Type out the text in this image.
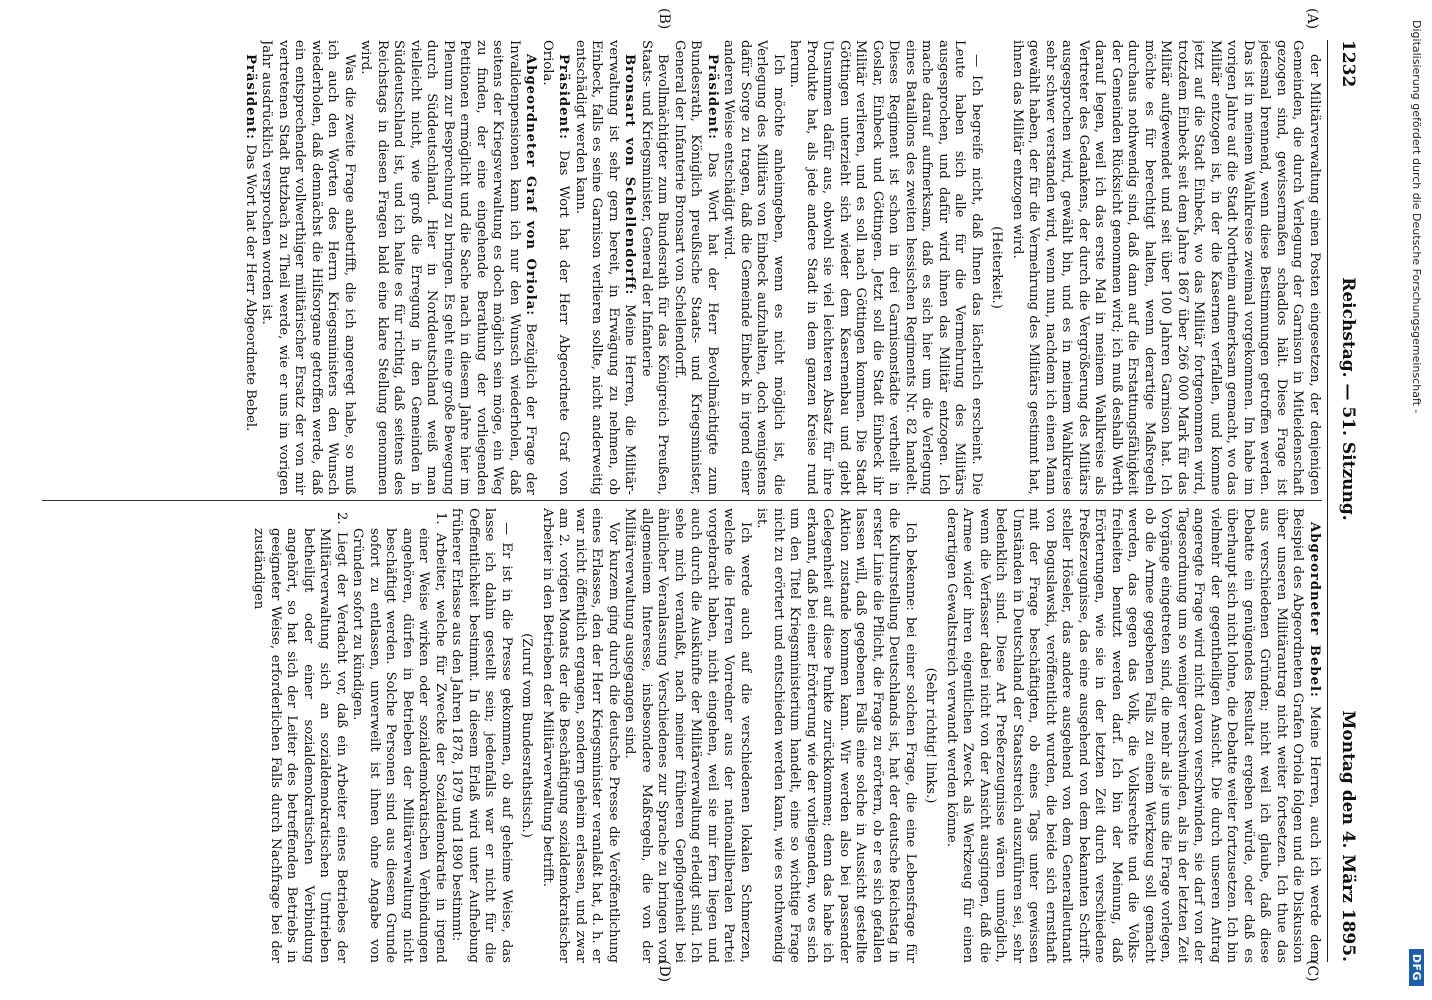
Digitalisierung gefördert durch die Deutsche Forschungsgemeinschaft -
DFG
1232
Reichstag. — 51. Sitzung.
Montag den 4. März 1895.
(A)
(B)
(C)
(D)

der Militärverwaltung einen Posten eingesetzen, der denjenigen Gemeinden, die durch Verlegung der Garnison in Mitleidenschaft gezogen sind, gewissermaßen schadlos hält. Diese Frage ist jedesmal brennend, wenn diese Bestimmungen getroffen werden. Das ist in meinem Wahlkreise zweimal vorgekommen. Im habe im vorigen Jahre auf die Stadt Northeim aufmerksam gemacht, wo das Militär entzogen ist, in der die Kasernen verfallen, und komme jetzt auf die Stadt Einbeck, wo das Militär fortgenommen wird, trotzdem Einbeck seit dem Jahre 1867 über 266 000 Mark für das Militär aufgewendet und seit über 100 Jahren Garnison hat. Ich möchte es für berechtigt halten, wenn derartige Maßregeln durchaus nothwendig sind, daß dann auf die Erstattungsfähigkeit der Gemeinden Rücksicht genommen wird; ich muß deshalb Werth darauf legen, weil ich das erste Mal in meinem Wahlkreise als Vertreter des Gedankens, der durch die Vergrößerung des Militärs ausgesprochen wird, gewählt bin, und es in meinem Wahlkreise sehr schwer verstanden wird, wenn nun, nachdem ich einen Mann gewählt haben, der für die Vermehrung des Militärs gestimmt hat, ihnen das Militär entzogen wird.

(Heiterkeit.)

— Ich begreife nicht, daß Ihnen das lächerlich erscheint. Die Leute haben sich alle für die Vermehrung des Militärs ausgesprochen, und dafür wird ihnen das Militär entzogen. Ich mache darauf aufmerksam, daß es sich hier um die Verlegung eines Bataillons des zweiten hessischen Regiments Nr. 82 handelt. Dieses Regiment ist schon in drei Garnisonstädte vertheilt in Goslar, Einbeck und Göttingen. Jetzt soll die Stadt Einbeck ihr Militär verlieren, und es soll nach Göttingen kommen. Die Stadt Göttingen unterzieht sich wieder dem Kasernenbau und giebt Unsummen dafür aus, obwohl sie viel leichteren Absatz für ihre Produkte hat, als jede andere Stadt in dem ganzen Kreise rund herum.

Ich möchte anheimgeben, wenn es nicht möglich ist, die Verlegung des Militärs von Einbeck aufzuhalten, doch wenigstens dafür Sorge zu tragen, daß die Gemeinde Einbeck in irgend einer anderen Weise entschädigt wird.

Präsident: Das Wort hat der Herr Bevollmächtigte zum Bundesrath, Königlich preußische Staats- und Kriegsminister, General der Infanterie Bronsart von Schellendorff.

Bevollmächtigter zum Bundesrath für das Königreich Preußen, Staats- und Kriegsminister, General der Infanterie

Bronsart von Schellendorff: Meine Herren, die Militärverwaltung ist sehr gern bereit, in Erwägung zu nehmen, ob Einbeck, falls es seine Garnison verlieren sollte, nicht anderweitig entschädigt werden kann.

Präsident: Das Wort hat der Herr Abgeordnete Graf von Oriola.

Abgeordneter Graf von Oriola: Bezüglich der Frage der Invalidenpensionen kann ich nur den Wunsch wiederholen, daß seitens der Kriegsverwaltung es doch möglich sein möge, ein Weg zu finden, der eine eingehende Berathung der vorliegenden Petitionen ermöglicht und die Sache nach in diesem Jahre hier im Plenum zur Besprechung zu bringen. Es geht eine große Bewegung durch Süddeutschland. Hier in Norddeutschland weiß man vielleicht nicht, wie groß die Erregung in den Gemeinden in Süddeutschland ist, und ich halte es für richtig, daß seitens des Reichstags in diesen Fragen bald eine klare Stellung genommen wird.

Was die zweite Frage anbetrifft, die ich angeregt habe, so muß ich auch den Worten des Herrn Kriegsministers den Wunsch wiederholen, daß demnächst die Hilfsorgane getroffen werde, daß ein entsprechender vollwerthiger militärischer Ersatz der von mir vertretenen Stadt Butzbach zu Theil werde, wie er uns im vorigen Jahr ausdrücklich versprochen worden ist.

Präsident: Das Wort hat der Herr Abgeordnete Bebel.

Abgeordneter Bebel: Meine Herren, auch ich werde dem Beispiel des Abgeordneten Grafen Oriola folgen und die Diskussion über unseren Militärantrag nicht weiter fortsetzen. Ich thue das aus verschiedenen Gründen; nicht weil ich glaube, daß diese Debatte ein genügendes Resultat ergeben würde, oder daß es überhaupt sich nicht lohne, die Debatte weiter fortzusetzen. Ich bin vielmehr der gegentheiligen Ansicht. Die durch unseren Antrag angeregte Frage wird nicht davon verschwinden, sie darf von der Tagesordnung um so weniger verschwinden, als in der letzten Zeit Vorgänge eingetreten sind, die mehr als je uns die Frage vorlegen, ob die Armee gegebenen Falls zu einem Werkzeug soll gemacht werden, das gegen das Volk, die Volksrechte und die Volksfreiheiten benutzt werden darf. Ich bin der Meinung, daß Erörterungen, wie sie in der letzten Zeit durch verschiedene Preßerzeugnisse, das eine ausgehend von dem bekannten Schriftsteller Höseler, das andere ausgehend von dem Generalleutnant von Boguslawski, veröffentlicht wurden, die beide sich ernsthaft mit der Frage beschäftigten, ob eines Tags unter gewissen Umständen in Deutschland der Staatsstreich auszuführen sei, sehr bedenklich sind. Diese Art Preßerzeugnisse wären unmöglich, wenn die Verfasser dabei nicht von der Ansicht ausgingen, daß die Armee wider ihren eigentlichen Zweck als Werkzeug für einen derartigen Gewaltstreich verwandt werden könne.

(Sehr richtig! links.)

Ich bekenne: bei einer solchen Frage, die eine Lebensfrage für die Kulturstellung Deutschlands ist, hat der deutsche Reichstag in erster Linie die Pflicht, die Frage zu erörtern, ob er es sich gefallen lassen will, daß gegebenen Falls eine solche in Aussicht gestellte Aktion zustande kommen kann. Wir werden also bei passender Gelegenheit auf diese Punkte zurückkommen; denn das habe ich erkannt, daß bei einer Erörterung wie der vorliegenden, wo es sich um den Titel Kriegsministerium handelt, eine so wichtige Frage nicht zu erörtert und entschieden werden kann, wie es nothwendig ist.

Ich werde auch auf die verschiedenen lokalen Schmerzen, welche die Herren Vorredner aus der nationalliberalen Partei vorgebracht haben, nicht eingehen, weil sie mir fern liegen und auch durch die Auskünfte der Militärverwaltung erledigt sind. Ich sehe mich veranlaßt, nach meiner früheren Gepflogenheit bei ähnlicher Veranlassung Verschiedenes zur Sprache zu bringen von allgemeinem Interesse, insbesondere Maßregeln, die von der Militärverwaltung ausgegangen sind.

Vor kurzem ging durch die deutsche Presse die Veröffentlichung eines Erlasses, den der Herr Kriegsminister veranlaßt hat, d. h. er war nicht öffentlich ergangen, sondern geheim erlassen, und zwar am 2. vorigen Monats der die Beschäftigung sozialdemokratischer Arbeiter in den Betrieben der Militärverwaltung betrifft.

(Zuruf vom Bundesrathstisch.)

— Er ist in die Presse gekommen, ob auf geheime Weise, das lasse ich dahin gestellt sein; jedenfalls war er nicht für die Oeffentlichkeit bestimmt. In diesem Erlaß wird unter Aufhebung früherer Erlasse aus den Jahren 1878, 1879 und 1890 bestimmt:

1. Arbeiter, welche für Zwecke der Sozialdemokratie in irgend einer Weise wirken oder sozialdemokratischen Verbindungen angehören, dürfen in Betrieben der Militärverwaltung nicht beschäftigt werden. Solche Personen sind aus diesem Grunde sofort zu entlassen, unverweilt ist ihnen ohne Angabe von Gründen sofort zu kündigen.

2. Liegt der Verdacht vor, daß ein Arbeiter eines Betriebes der Militärverwaltung sich an sozialdemokratischen Umtrieben betheiligt oder einer sozialdemokratischen Verbindung angehört, so hat sich der Leiter des betreffenden Betriebs in geeigneter Weise, erforderlichen Falls durch Nachfrage bei der zuständigen
